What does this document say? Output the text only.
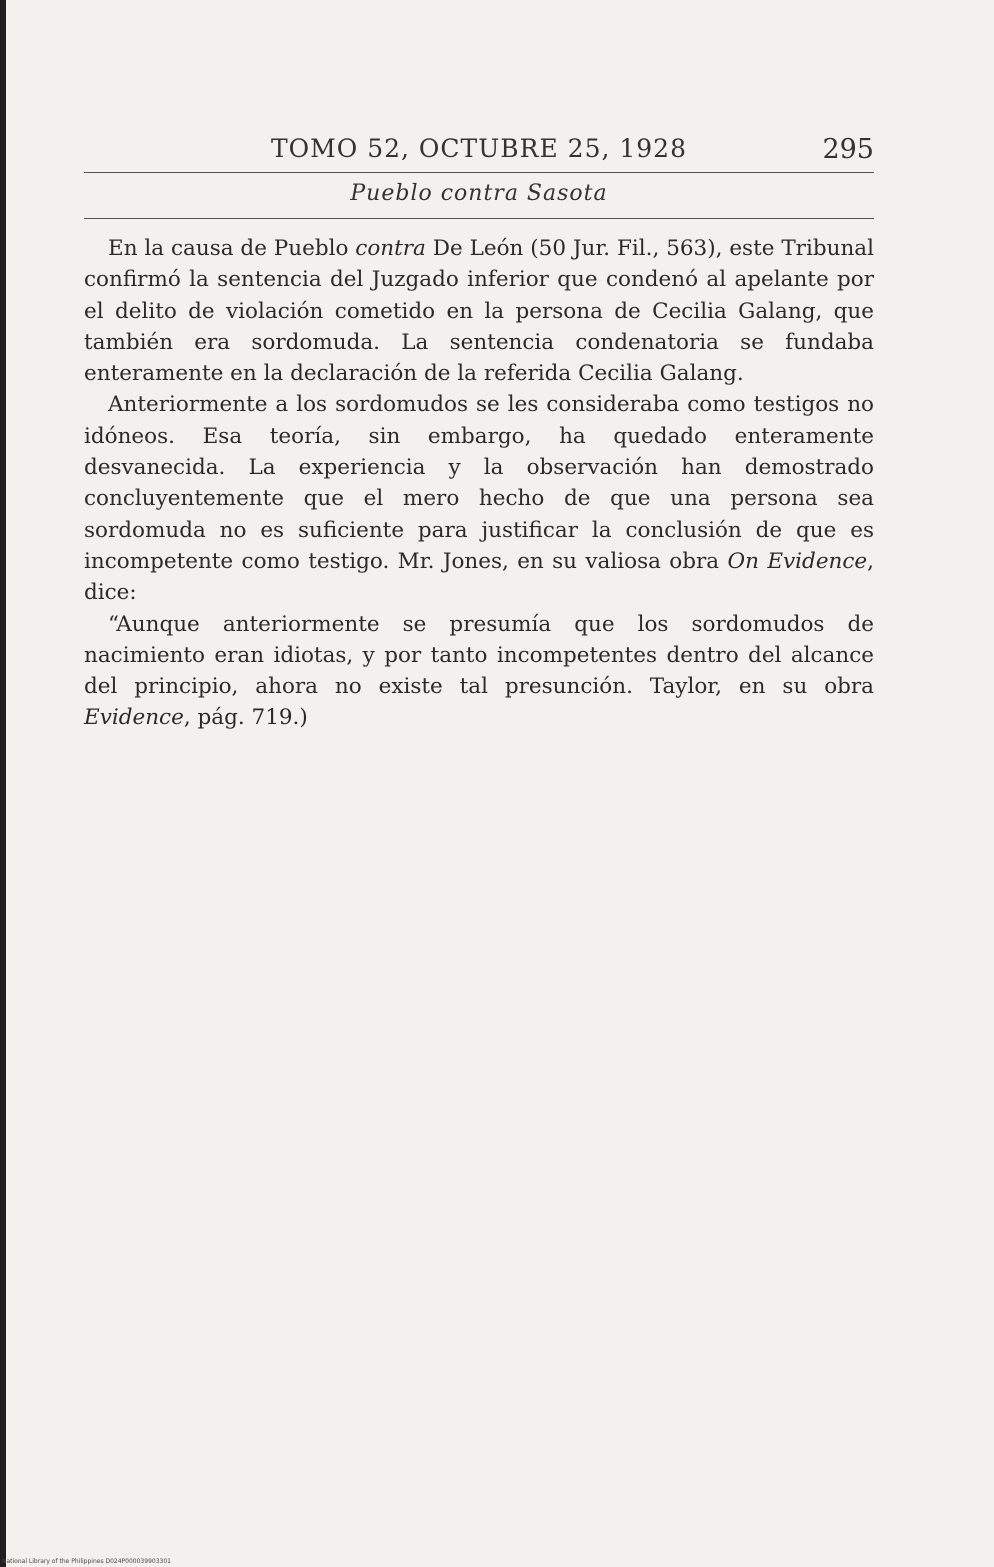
TOMO 52, OCTUBRE 25, 1928	295
Pueblo contra Sasota

En la causa de Pueblo contra De León (50 Jur. Fil., 563), este Tribunal confirmó la sentencia del Juzgado inferior que condenó al apelante por el delito de violación cometido en la persona de Cecilia Galang, que también era sordomuda. La sentencia condenatoria se fundaba enteramente en la declaración de la referida Cecilia Galang.

Anteriormente a los sordomudos se les consideraba como testigos no idóneos. Esa teoría, sin embargo, ha quedado enteramente desvanecida. La experiencia y la observación han demostrado concluyentemente que el mero hecho de que una persona sea sordomuda no es suficiente para justificar la conclusión de que es incompetente como testigo. Mr. Jones, en su valiosa obra On Evidence, dice:

“Aunque anteriormente se presumía que los sordomudos de nacimiento eran idiotas, y por tanto incompetentes dentro del alcance del principio, ahora no existe tal presunción. Taylor, en su obra Evidence, pág. 719.)

National Library of the Philippines D024P000039903301
